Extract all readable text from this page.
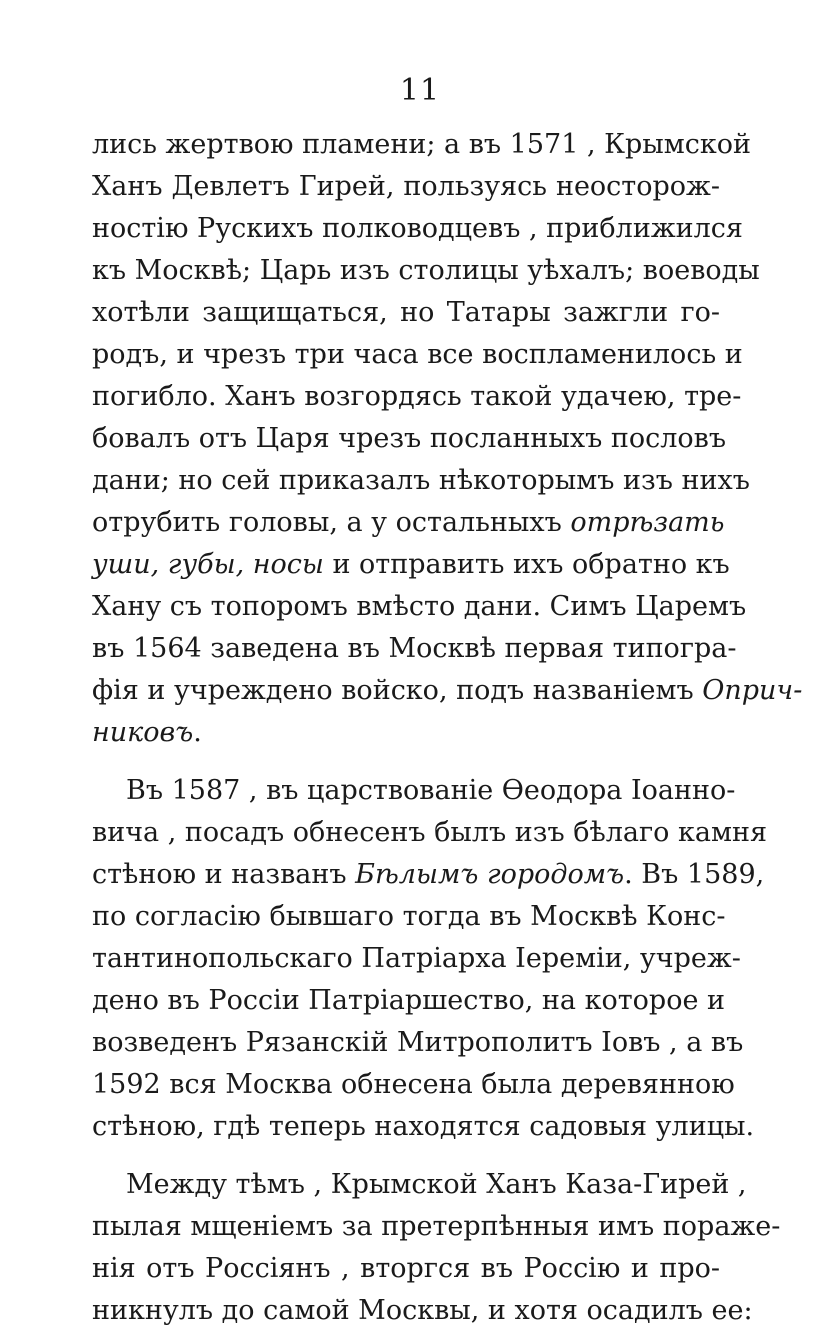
11
лись жертвою пламени; а въ 1571 , Крымской
Ханъ Девлетъ Гирей, пользуясь неосторож-
ностію Рускихъ полководцевъ , приближился
къ Москвѣ; Царь изъ столицы уѣхалъ; воеводы
хотѣли защищаться, но Татары зажгли го-
родъ, и чрезъ три часа все воспламенилось и
погибло. Ханъ возгордясь такой удачею, тре-
бовалъ отъ Царя чрезъ посланныхъ пословъ
дани; но сей приказалъ нѣкоторымъ изъ нихъ
отрубить головы, а у остальныхъ отрѣзать
уши, губы, носы и отправить ихъ обратно къ
Хану съ топоромъ вмѣсто дани. Симъ Царемъ
въ 1564 заведена въ Москвѣ первая типогра-
фія и учреждено войско, подъ названіемъ Оприч-
никовъ.
Въ 1587 , въ царствованіе Ѳеодора Іоанно-
вича , посадъ обнесенъ былъ изъ бѣлаго камня
стѣною и названъ Бѣлымъ городомъ. Въ 1589,
по согласію бывшаго тогда въ Москвѣ Конс-
тантинопольскаго Патріарха Іереміи, учреж-
дено въ Россіи Патріаршество, на которое и
возведенъ Рязанскій Митрополитъ Іовъ , а въ
1592 вся Москва обнесена была деревянною
стѣною, гдѣ теперь находятся садовыя улицы.
Между тѣмъ , Крымской Ханъ Каза-Гирей ,
пылая мщеніемъ за претерпѣнныя имъ пораже-
нія отъ Россіянъ , вторгся въ Россію и про-
никнулъ до самой Москвы, и хотя осадилъ ее:
